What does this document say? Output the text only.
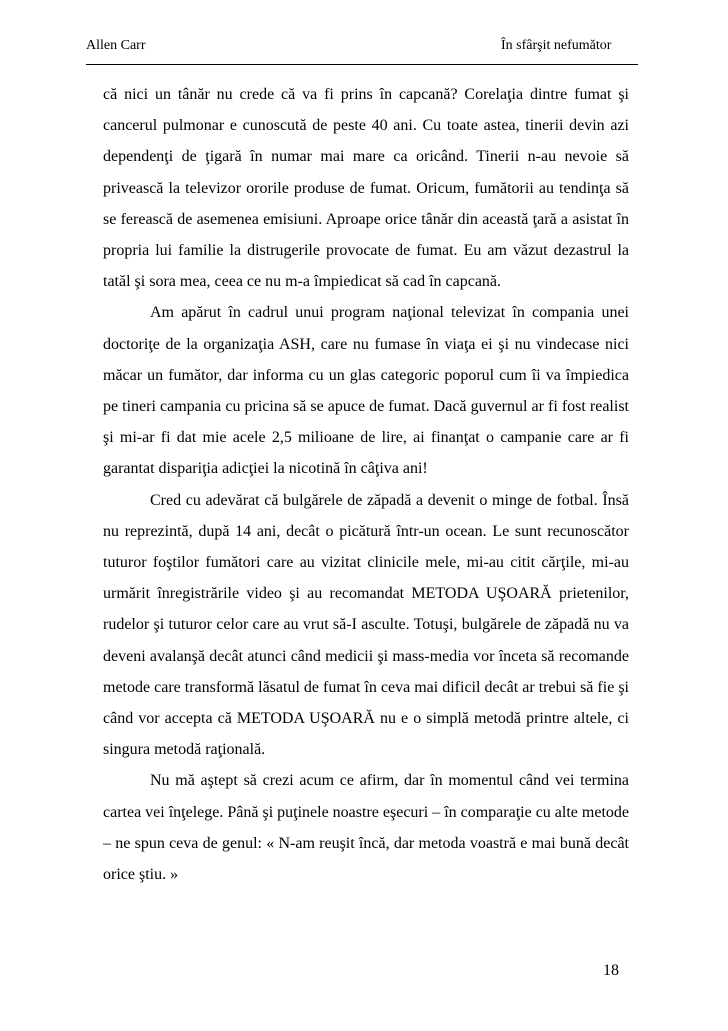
Allen Carr	În sfârşit nefumător

că nici un tânăr nu crede că va fi prins în capcană? Corelaţia dintre fumat şi cancerul pulmonar e cunoscută de peste 40 ani. Cu toate astea, tinerii devin azi dependenţi de ţigară în numar mai mare ca oricând. Tinerii n-au nevoie să privească la televizor ororile produse de fumat. Oricum, fumătorii au tendinţa să se ferească de asemenea emisiuni. Aproape orice tânăr din această ţară a asistat în propria lui familie la distrugerile provocate de fumat. Eu am văzut dezastrul la tatăl şi sora mea, ceea ce nu m-a împiedicat să cad în capcană.

Am apărut în cadrul unui program naţional televizat în compania unei doctoriţe de la organizaţia ASH, care nu fumase în viaţa ei şi nu vindecase nici măcar un fumător, dar informa cu un glas categoric poporul cum îi va împiedica pe tineri campania cu pricina să se apuce de fumat. Dacă guvernul ar fi fost realist şi mi-ar fi dat mie acele 2,5 milioane de lire, ai finanţat o campanie care ar fi garantat dispariţia adicţiei la nicotină în câţiva ani!

Cred cu adevărat că bulgărele de zăpadă a devenit o minge de fotbal. Însă nu reprezintă, după 14 ani, decât o picătură într-un ocean. Le sunt recunoscător tuturor foştilor fumători care au vizitat clinicile mele, mi-au citit cărţile, mi-au urmărit înregistrările video şi au recomandat METODA UŞOARĂ prietenilor, rudelor şi tuturor celor care au vrut să-I asculte. Totuşi, bulgărele de zăpadă nu va deveni avalanşă decât atunci când medicii şi mass-media vor înceta să recomande metode care transformă lăsatul de fumat în ceva mai dificil decât ar trebui să fie şi când vor accepta că METODA UŞOARĂ nu e o simplă metodă printre altele, ci singura metodă raţională.

Nu mă aştept să crezi acum ce afirm, dar în momentul când vei termina cartea vei înţelege. Până şi puţinele noastre eşecuri – în comparaţie cu alte metode – ne spun ceva de genul: « N-am reuşit încă, dar metoda voastră e mai bună decât orice ştiu. »

18
